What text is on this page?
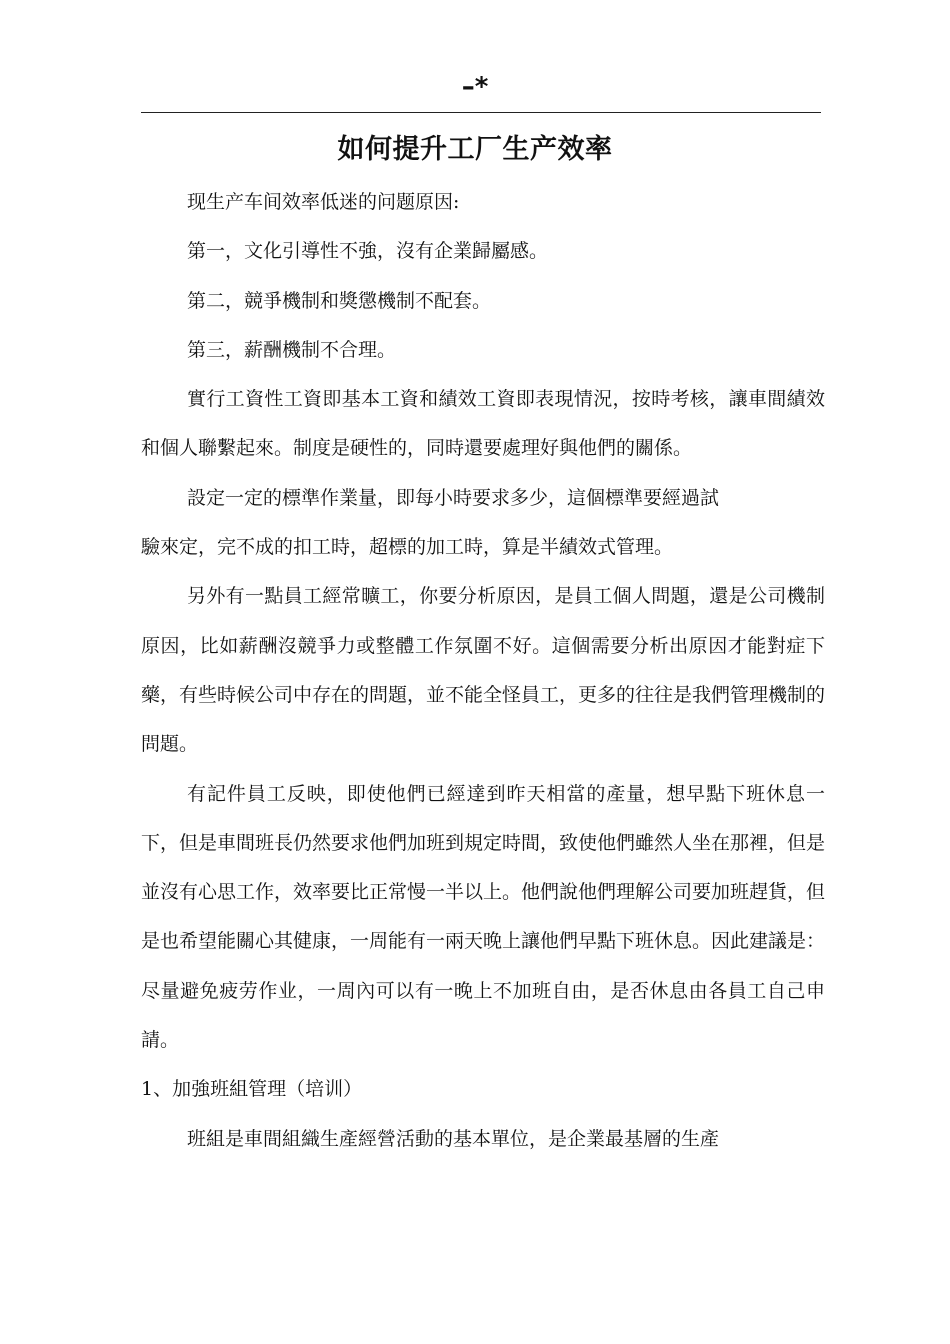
–*
如何提升工厂生产效率

现生产车间效率低迷的问题原因:

第一，文化引導性不強，沒有企業歸屬感。

第二，競爭機制和獎懲機制不配套。

第三，薪酬機制不合理。

實行工資性工資即基本工資和績效工資即表現情況，按時考核，讓車間績效和個人聯繫起來。制度是硬性的，同時還要處理好與他們的關係。

設定一定的標準作業量，即每小時要求多少，這個標準要經過試

驗來定，完不成的扣工時，超標的加工時，算是半績效式管理。

另外有一點員工經常曠工，你要分析原因，是員工個人問題，還是公司機制原因，比如薪酬沒競爭力或整體工作氛圍不好。這個需要分析出原因才能對症下藥，有些時候公司中存在的問題，並不能全怪員工，更多的往往是我們管理機制的問題。

有記件員工反映，即使他們已經達到昨天相當的產量，想早點下班休息一下，但是車間班長仍然要求他們加班到規定時間，致使他們雖然人坐在那裡，但是並沒有心思工作，效率要比正常慢一半以上。他們說他們理解公司要加班趕貨，但是也希望能關心其健康，一周能有一兩天晚上讓他們早點下班休息。因此建議是：尽量避免疲劳作业，一周內可以有一晚上不加班自由，是否休息由各員工自己申請。

1、加強班組管理（培训）

班組是車間組織生產經營活動的基本單位，是企業最基層的生產
